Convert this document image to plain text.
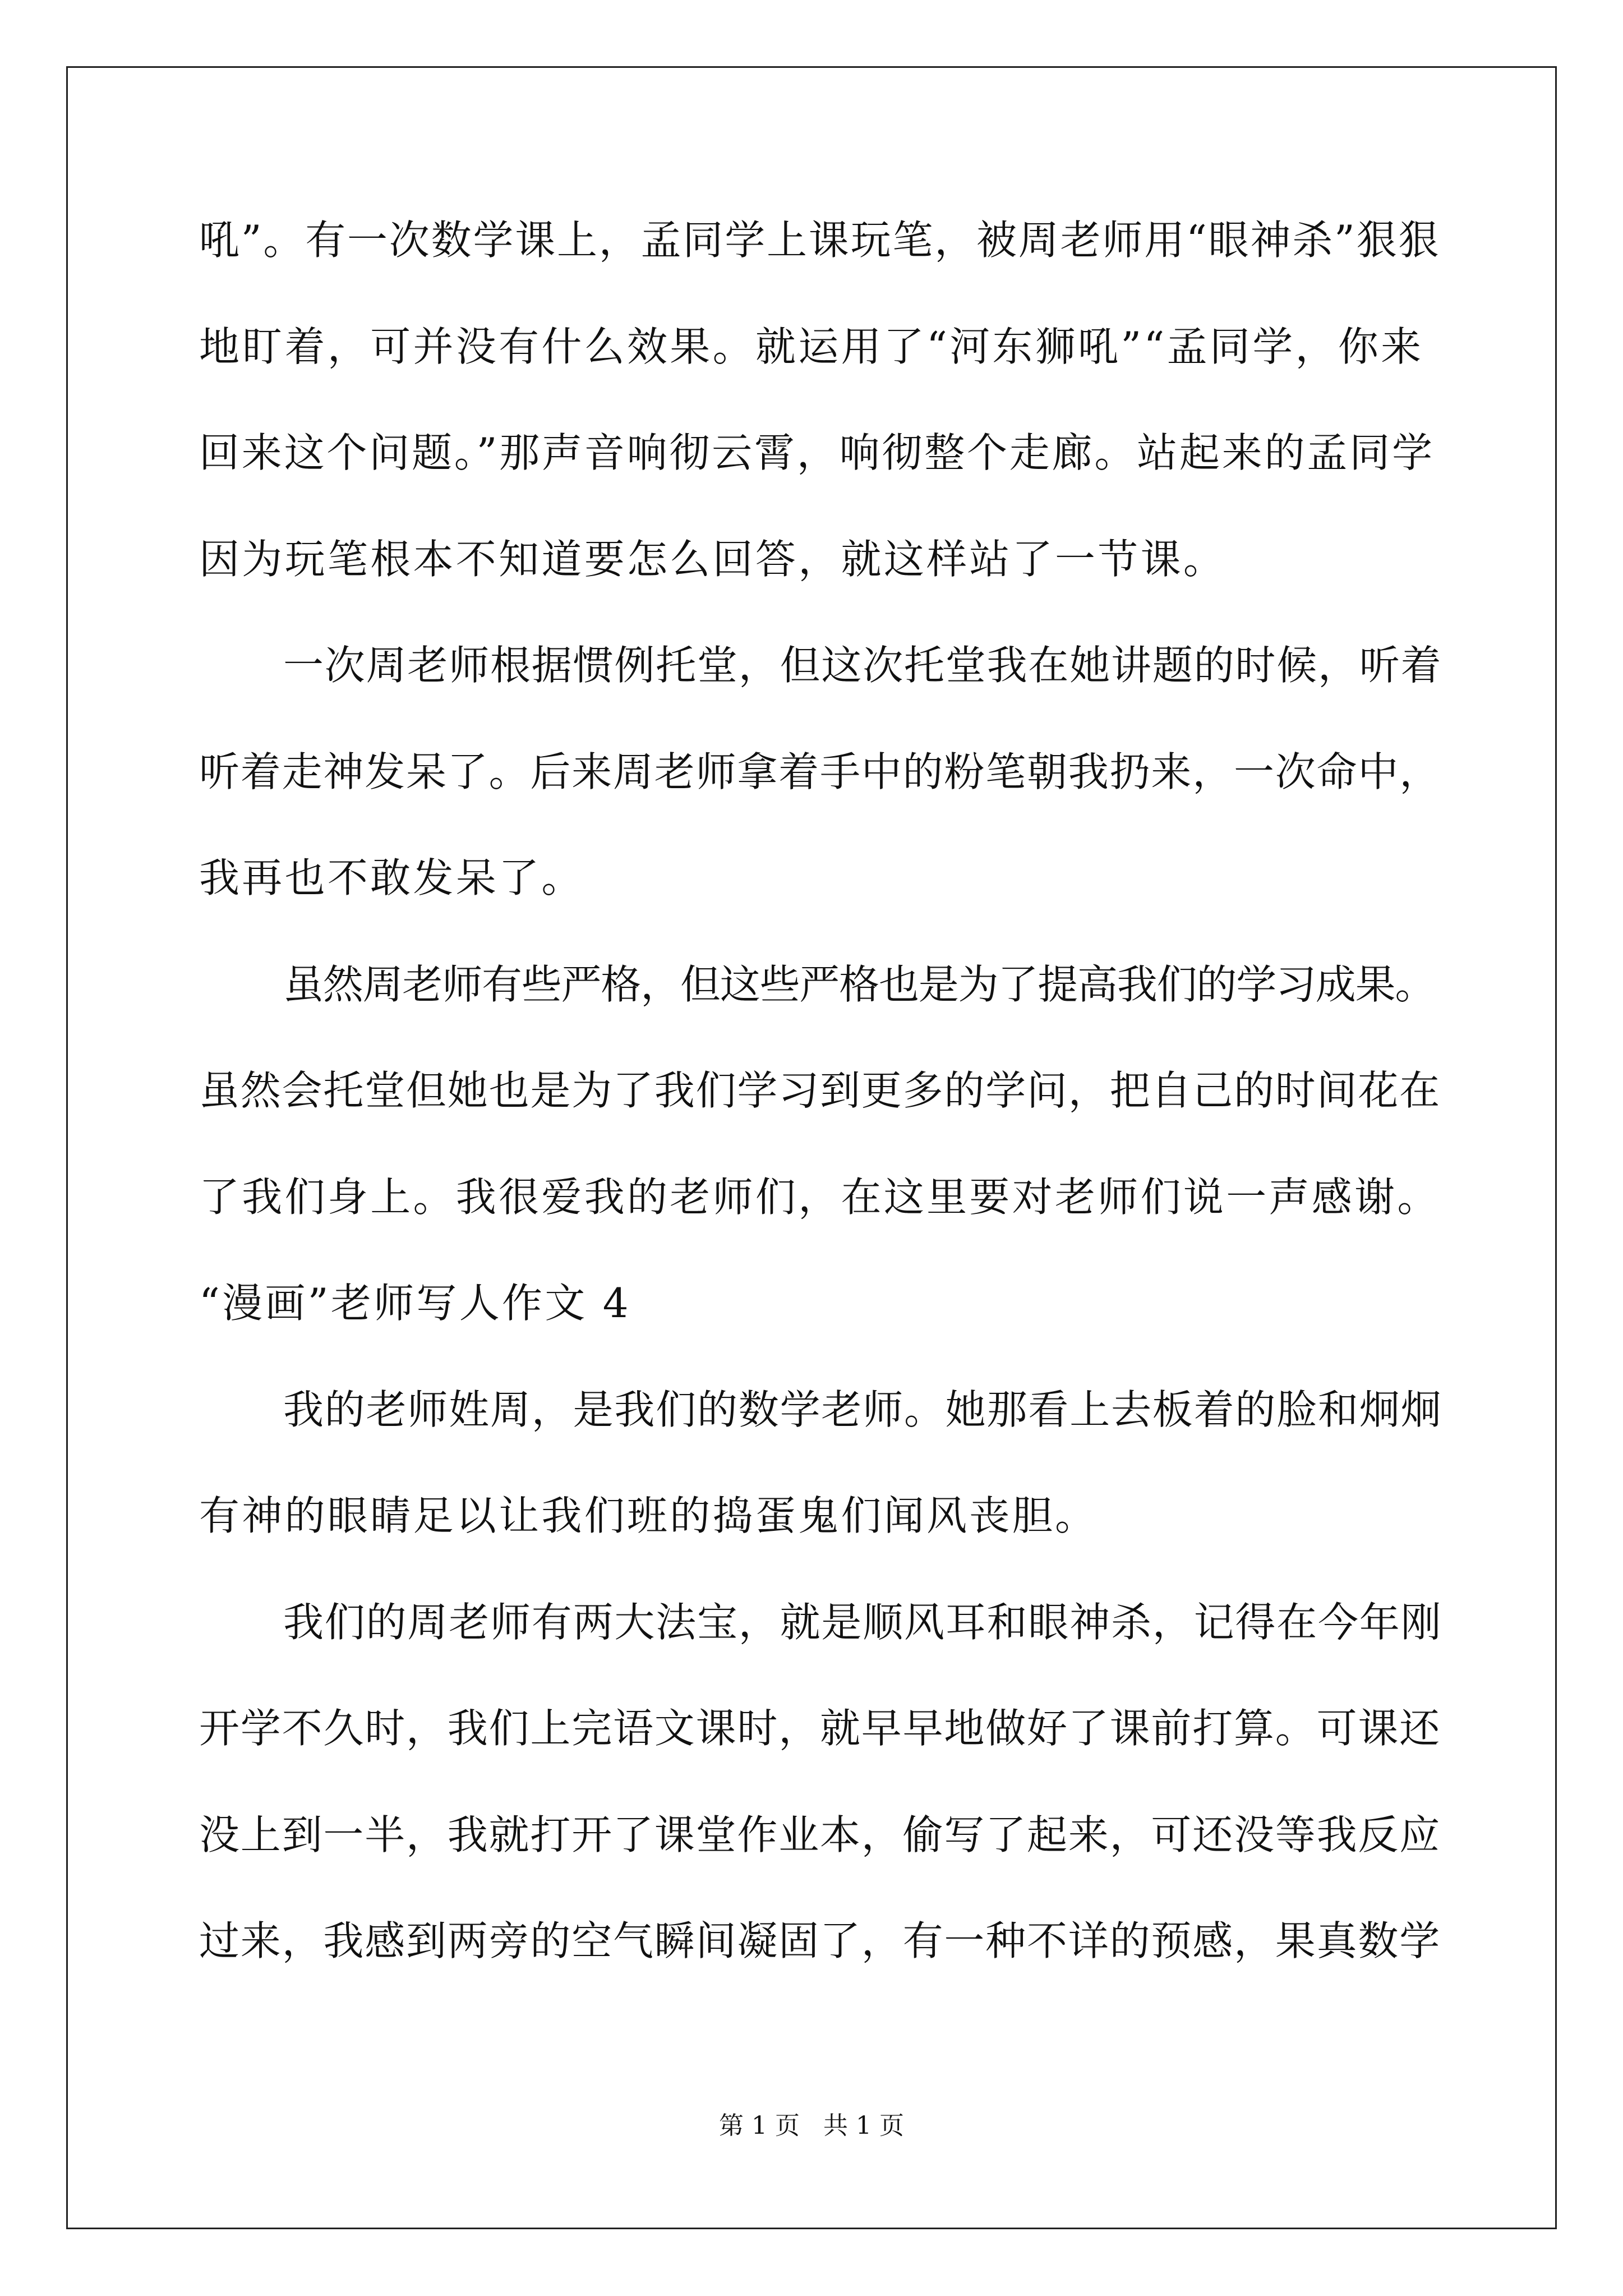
吼”。有一次数学课上，孟同学上课玩笔，被周老师用“眼神杀”狠狠
地盯着，可并没有什么效果。就运用了“河东狮吼”“孟同学，你来
回来这个问题。”那声音响彻云霄，响彻整个走廊。站起来的孟同学
因为玩笔根本不知道要怎么回答，就这样站了一节课。
一次周老师根据惯例托堂，但这次托堂我在她讲题的时候，听着
听着走神发呆了。后来周老师拿着手中的粉笔朝我扔来，一次命中，
我再也不敢发呆了。
虽然周老师有些严格，但这些严格也是为了提高我们的学习成果。
虽然会托堂但她也是为了我们学习到更多的学问，把自己的时间花在
了我们身上。我很爱我的老师们，在这里要对老师们说一声感谢。
“漫画”老师写人作文 4
我的老师姓周，是我们的数学老师。她那看上去板着的脸和炯炯
有神的眼睛足以让我们班的捣蛋鬼们闻风丧胆。
我们的周老师有两大法宝，就是顺风耳和眼神杀，记得在今年刚
开学不久时，我们上完语文课时，就早早地做好了课前打算。可课还
没上到一半，我就打开了课堂作业本，偷写了起来，可还没等我反应
过来，我感到两旁的空气瞬间凝固了，有一种不详的预感，果真数学
第 1 页 共 1 页
